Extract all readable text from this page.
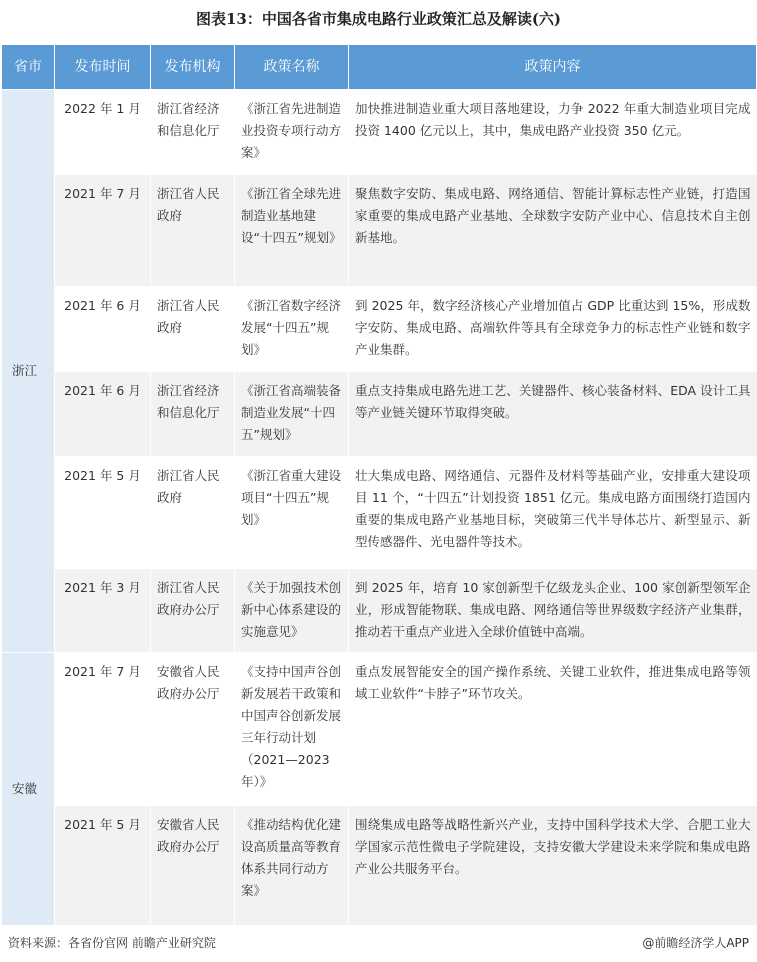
图表13：中国各省市集成电路行业政策汇总及解读(六)
省市	发布时间	发布机构	政策名称	政策内容
浙江	2022 年 1 月	浙江省经济和信息化厅	《浙江省先进制造业投资专项行动方案》	加快推进制造业重大项目落地建设，力争 2022 年重大制造业项目完成投资 1400 亿元以上，其中，集成电路产业投资 350 亿元。
	2021 年 7 月	浙江省人民政府	《浙江省全球先进制造业基地建设“十四五”规划》	聚焦数字安防、集成电路、网络通信、智能计算标志性产业链，打造国家重要的集成电路产业基地、全球数字安防产业中心、信息技术自主创新基地。
	2021 年 6 月	浙江省人民政府	《浙江省数字经济发展“十四五”规划》	到 2025 年，数字经济核心产业增加值占 GDP 比重达到 15%，形成数字安防、集成电路、高端软件等具有全球竞争力的标志性产业链和数字产业集群。
	2021 年 6 月	浙江省经济和信息化厅	《浙江省高端装备制造业发展“十四五”规划》	重点支持集成电路先进工艺、关键器件、核心装备材料、EDA 设计工具等产业链关键环节取得突破。
	2021 年 5 月	浙江省人民政府	《浙江省重大建设项目“十四五”规划》	壮大集成电路、网络通信、元器件及材料等基础产业，安排重大建设项目 11 个，“十四五”计划投资 1851 亿元。集成电路方面围绕打造国内重要的集成电路产业基地目标，突破第三代半导体芯片、新型显示、新型传感器件、光电器件等技术。
	2021 年 3 月	浙江省人民政府办公厅	《关于加强技术创新中心体系建设的实施意见》	到 2025 年，培育 10 家创新型千亿级龙头企业、100 家创新型领军企业，形成智能物联、集成电路、网络通信等世界级数字经济产业集群，推动若干重点产业进入全球价值链中高端。
安徽	2021 年 7 月	安徽省人民政府办公厅	《支持中国声谷创新发展若干政策和中国声谷创新发展三年行动计划（2021—2023 年）》	重点发展智能安全的国产操作系统、关键工业软件，推进集成电路等领域工业软件“卡脖子”环节攻关。
	2021 年 5 月	安徽省人民政府办公厅	《推动结构优化建设高质量高等教育体系共同行动方案》	围绕集成电路等战略性新兴产业，支持中国科学技术大学、合肥工业大学国家示范性微电子学院建设，支持安徽大学建设未来学院和集成电路产业公共服务平台。
资料来源：各省份官网 前瞻产业研究院	@前瞻经济学人APP
